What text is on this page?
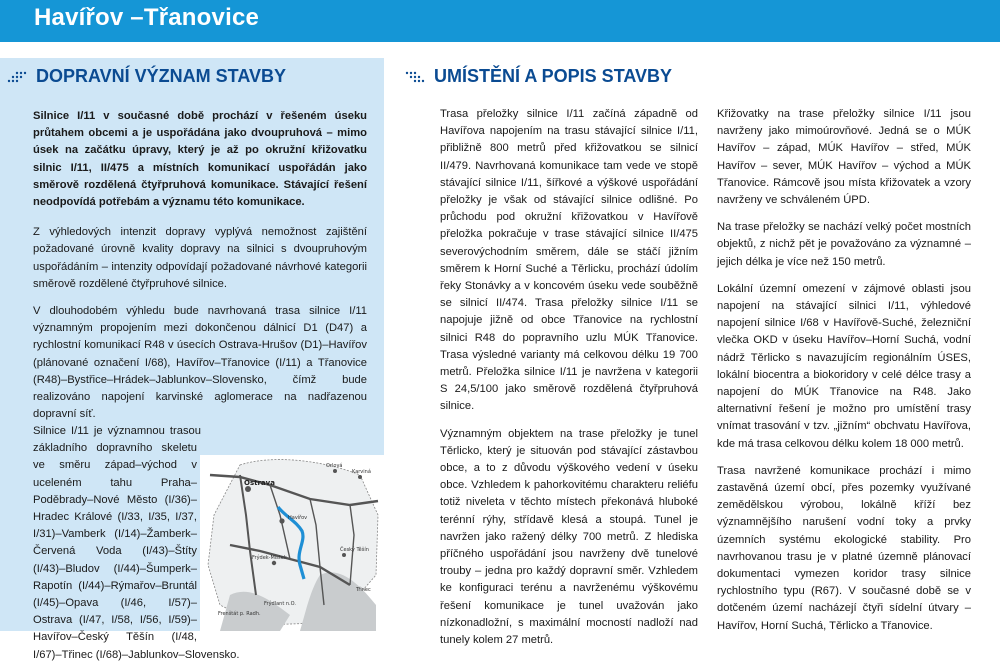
Havířov –Třanovice
DOPRAVNÍ VÝZNAM STAVBY

Silnice I/11 v současné době prochází v řešeném úseku průtahem obcemi a je uspořádána jako dvoupruhová – mimo úsek na začátku úpravy, který je až po okružní křižovatku silnic I/11, II/475 a místních komunikací uspořádán jako směrově rozdělená čtyřpruhová komunikace. Stávající řešení neodpovídá potřebám a významu této komunikace.

Z výhledových intenzit dopravy vyplývá nemožnost zajištění požadované úrovně kvality dopravy na silnici s dvoupruhovým uspořádáním – intenzity odpovídají požadované návrhové kategorii směrově rozdělené čtyřpruhové silnice.

V dlouhodobém výhledu bude navrhovaná trasa silnice I/11 významným propojením mezi dokončenou dálnicí D1 (D47) a rychlostní komunikací R48 v úsecích Ostrava-Hrušov (D1)–Havířov (plánované označení I/68), Havířov–Třanovice (I/11) a Třanovice (R48)–Bystřice–Hrádek–Jablunkov–Slovensko, čímž bude realizováno napojení karvinské aglomerace na nadřazenou dopravní síť.

Silnice I/11 je významnou trasou základního dopravního skeletu ve směru západ–východ v uceleném tahu Praha–Poděbrady–Nové Město (I/36)–Hradec Králové (I/33, I/35, I/37, I/31)–Vamberk (I/14)–Žamberk–Červená Voda (I/43)–Štíty (I/43)–Bludov (I/44)–Šumperk–Rapotín (I/44)–Rýmařov–Bruntál (I/45)–Opava (I/46, I/57)–Ostrava (I/47, I/58, I/56, I/59)–Havířov–Český Těšín (I/48, I/67)–Třinec (I/68)–Jablunkov–Slovensko.
Ostrava
Orlová
Karviná
Havířov
Frýdek-Místek
Český Těšín
Třinec
Frenštát p. Radh.
Frýdlant n.O.
UMÍSTĚNÍ A POPIS STAVBY

Trasa přeložky silnice I/11 začíná západně od Havířova napojením na trasu stávající silnice I/11, přibližně 800 metrů před křižovatkou se silnicí II/479. Navrhovaná komunikace tam vede ve stopě stávající silnice I/11, šířkové a výškové uspořádání přeložky je však od stávající silnice odlišné. Po průchodu pod okružní křižovatkou v Havířově přeložka pokračuje v trase stávající silnice II/475 severovýchodním směrem, dále se stáčí jižním směrem k Horní Suché a Těrlicku, prochází údolím řeky Stonávky a v koncovém úseku vede souběžně se silnicí II/474. Trasa přeložky silnice I/11 se napojuje jižně od obce Třanovice na rychlostní silnici R48 do popravního uzlu MÚK Třanovice. Trasa výsledné varianty má celkovou délku 19 700 metrů. Přeložka silnice I/11 je navržena v kategorii S 24,5/100 jako směrově rozdělená čtyřpruhová silnice.

Významným objektem na trase přeložky je tunel Těrlicko, který je situován pod stávající zástavbou obce, a to z důvodu výškového vedení v úseku obce. Vzhledem k pahorkovitému charakteru reliéfu totiž niveleta v těchto místech překonává hluboké terénní rýhy, střídavě klesá a stoupá. Tunel je navržen jako ražený délky 700 metrů. Z hlediska příčného uspořádání jsou navrženy dvě tunelové trouby – jedna pro každý dopravní směr. Vzhledem ke konfiguraci terénu a navrženému výškovému řešení komunikace je tunel uvažován jako nízkonadložní, s maximální mocností nadloží nad tunely kolem 27 metrů.

Křižovatky na trase přeložky silnice I/11 jsou navrženy jako mimoúrovňové. Jedná se o MÚK Havířov – západ, MÚK Havířov – střed, MÚK Havířov – sever, MÚK Havířov – východ a MÚK Třanovice. Rámcově jsou místa křižovatek a vzory navrženy ve schváleném ÚPD.

Na trase přeložky se nachází velký počet mostních objektů, z nichž pět je považováno za významné – jejich délka je více než 150 metrů.

Lokální územní omezení v zájmové oblasti jsou napojení na stávající silnici I/11, výhledové napojení silnice I/68 v Havířově-Suché, železniční vlečka OKD v úseku Havířov–Horní Suchá, vodní nádrž Těrlicko s navazujícím regionálním ÚSES, lokální biocentra a biokoridory v celé délce trasy a napojení do MÚK Třanovice na R48. Jako alternativní řešení je možno pro umístění trasy vnímat trasování v tzv. „jižním“ obchvatu Havířova, kde má trasa celkovou délku kolem 18 000 metrů.

Trasa navržené komunikace prochází i mimo zastavěná území obcí, přes pozemky využívané zemědělskou výrobou, lokálně kříží bez významnějšího narušení vodní toky a prvky územních systému ekologické stability. Pro navrhovanou trasu je v platné územně plánovací dokumentaci vymezen koridor trasy silnice rychlostního typu (R67). V současné době se v dotčeném území nacházejí čtyři sídelní útvary – Havířov, Horní Suchá, Těrlicko a Třanovice.
